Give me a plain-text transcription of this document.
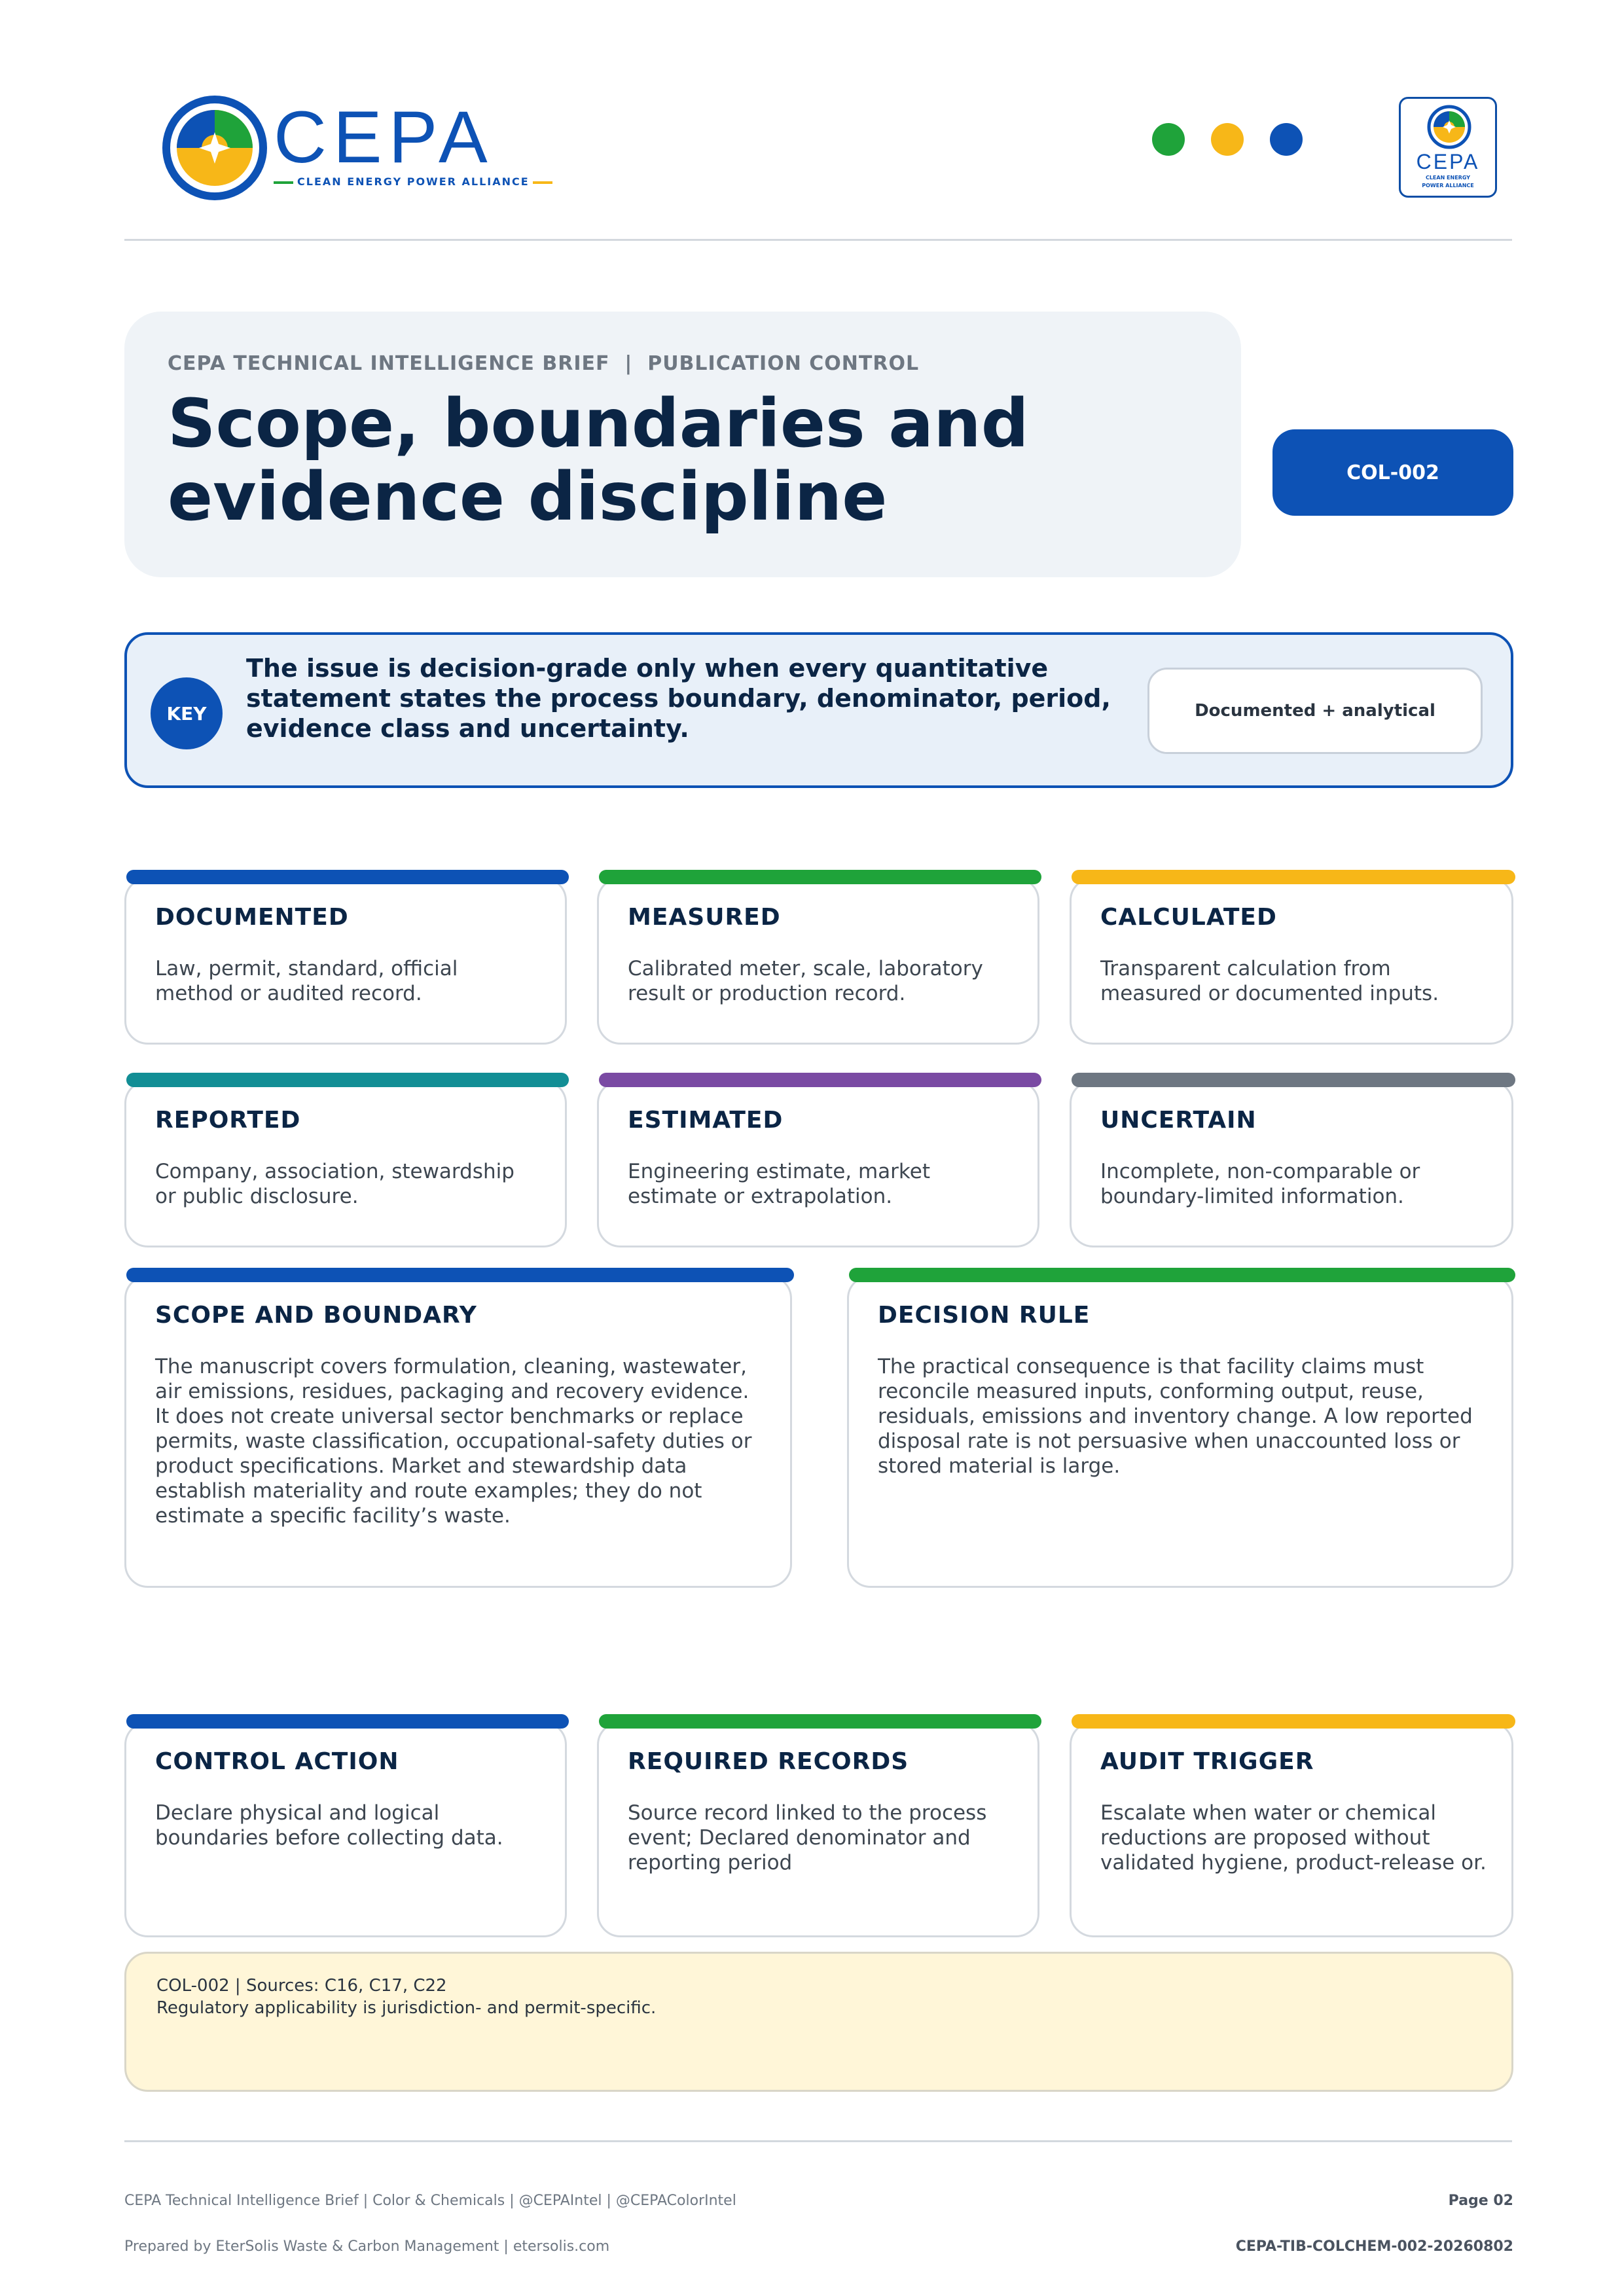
CEPA
CLEAN ENERGY POWER ALLIANCE
CEPA
CLEAN ENERGY
POWER ALLIANCE
CEPA TECHNICAL INTELLIGENCE BRIEF  |  PUBLICATION CONTROL
Scope, boundaries and
evidence discipline	COL-002
KEY
The issue is decision-grade only when every quantitative statement states the process boundary, denominator, period, evidence class and uncertainty.
Documented + analytical
DOCUMENTED
Law, permit, standard, official method or audited record.
MEASURED
Calibrated meter, scale, laboratory result or production record.
CALCULATED
Transparent calculation from measured or documented inputs.
REPORTED
Company, association, stewardship or public disclosure.
ESTIMATED
Engineering estimate, market estimate or extrapolation.
UNCERTAIN
Incomplete, non-comparable or boundary-limited information.
SCOPE AND BOUNDARY
The manuscript covers formulation, cleaning, wastewater, air emissions, residues, packaging and recovery evidence. It does not create universal sector benchmarks or replace permits, waste classification, occupational-safety duties or product specifications. Market and stewardship data establish materiality and route examples; they do not estimate a specific facility’s waste.
DECISION RULE
The practical consequence is that facility claims must reconcile measured inputs, conforming output, reuse, residuals, emissions and inventory change. A low reported disposal rate is not persuasive when unaccounted loss or stored material is large.
CONTROL ACTION
Declare physical and logical boundaries before collecting data.
REQUIRED RECORDS
Source record linked to the process event; Declared denominator and reporting period
AUDIT TRIGGER
Escalate when water or chemical reductions are proposed without validated hygiene, product-release or.
COL-002 | Sources: C16, C17, C22
Regulatory applicability is jurisdiction- and permit-specific.
CEPA Technical Intelligence Brief | Color & Chemicals | @CEPAIntel | @CEPAColorIntel
Prepared by EterSolis Waste & Carbon Management | etersolis.com
Page 02
CEPA-TIB-COLCHEM-002-20260802
